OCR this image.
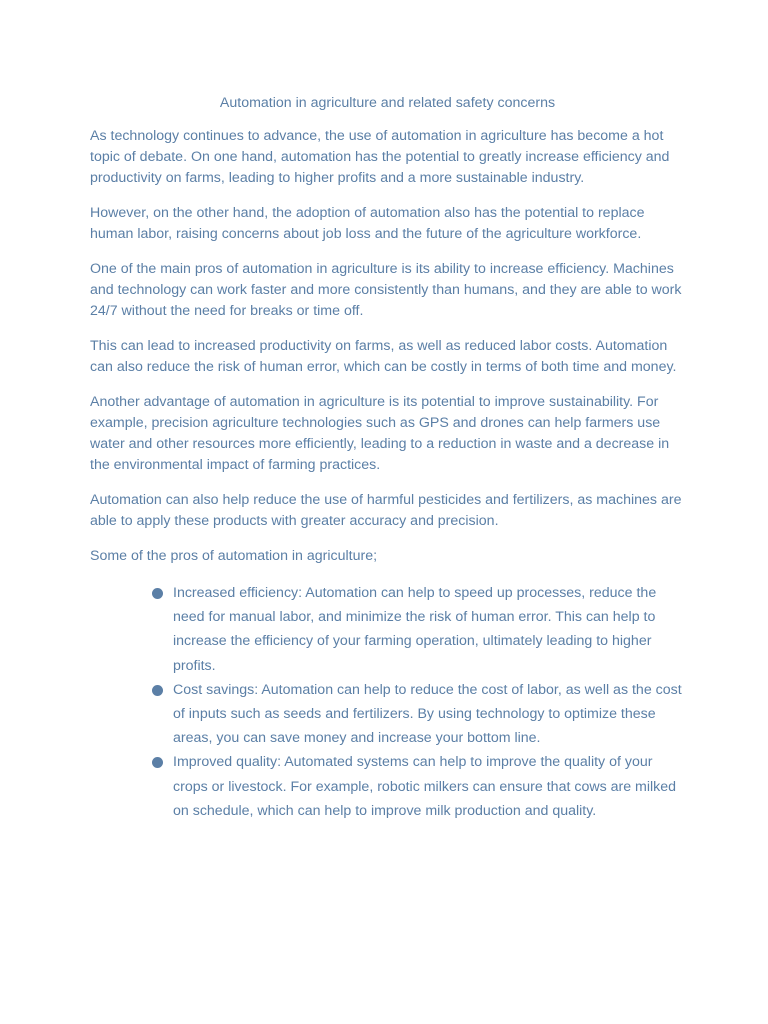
Automation in agriculture and related safety concerns

As technology continues to advance, the use of automation in agriculture has become a hot topic of debate. On one hand, automation has the potential to greatly increase efficiency and productivity on farms, leading to higher profits and a more sustainable industry.

However, on the other hand, the adoption of automation also has the potential to replace human labor, raising concerns about job loss and the future of the agriculture workforce.

One of the main pros of automation in agriculture is its ability to increase efficiency. Machines and technology can work faster and more consistently than humans, and they are able to work 24/7 without the need for breaks or time off.

This can lead to increased productivity on farms, as well as reduced labor costs. Automation can also reduce the risk of human error, which can be costly in terms of both time and money.

Another advantage of automation in agriculture is its potential to improve sustainability. For example, precision agriculture technologies such as GPS and drones can help farmers use water and other resources more efficiently, leading to a reduction in waste and a decrease in the environmental impact of farming practices.

Automation can also help reduce the use of harmful pesticides and fertilizers, as machines are able to apply these products with greater accuracy and precision.

Some of the pros of automation in agriculture;

Increased efficiency: Automation can help to speed up processes, reduce the need for manual labor, and minimize the risk of human error. This can help to increase the efficiency of your farming operation, ultimately leading to higher profits.
Cost savings: Automation can help to reduce the cost of labor, as well as the cost of inputs such as seeds and fertilizers. By using technology to optimize these areas, you can save money and increase your bottom line.
Improved quality: Automated systems can help to improve the quality of your crops or livestock. For example, robotic milkers can ensure that cows are milked on schedule, which can help to improve milk production and quality.
